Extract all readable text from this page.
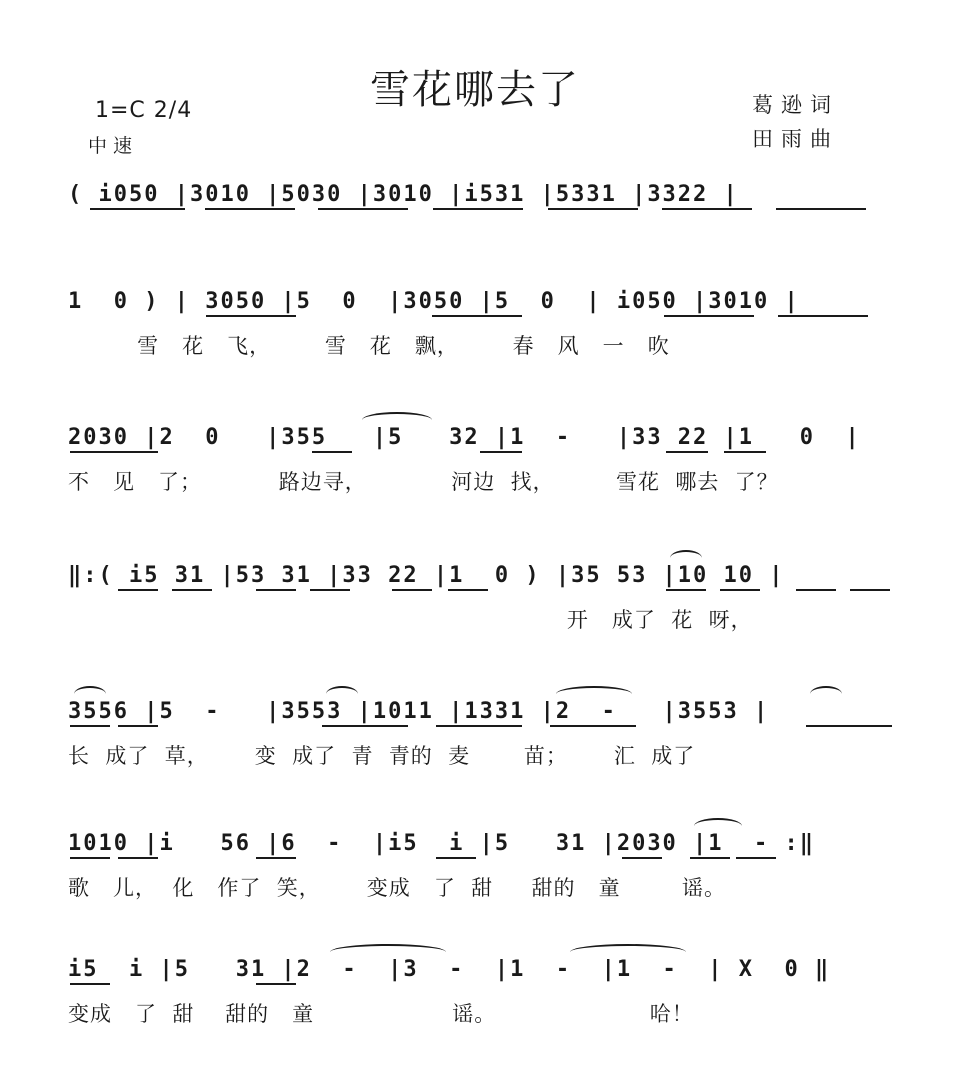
雪花哪去了
1=C 2/4
中速
葛逊词
田雨曲
( i050 |3010 |5030 |3010 |i531 |5331 |3322 |
1  0 ) | 3050 |5  0  |3050 |5  0  | i050 |3010 |
雪   花   飞，       雪   花   飘，       春   风   一   吹
2030 |2  0   |355   |5   32 |1  -   |33 22 |1   0  |
不   见   了；          路边寻，           河边  找，        雪花  哪去  了？
‖:( i5 31 |53 31 |33 22 |1  0 ) |35 53 |10 10 |
开   成了  花  呀，
3556 |5  -   |3553 |1011 |1331 |2  -   |3553 |
长  成了  草，      变  成了  青  青的  麦       苗；      汇  成了
1010 |i   56 |6  -  |i5  i |5   31 |2030 |1  - :‖
歌   儿，  化   作了  笑，      变成   了  甜     甜的   童        谣。
i5  i |5   31 |2  -  |3  -  |1  -  |1  -  | X  0 ‖
变成   了  甜    甜的   童                  谣。                    哈！
